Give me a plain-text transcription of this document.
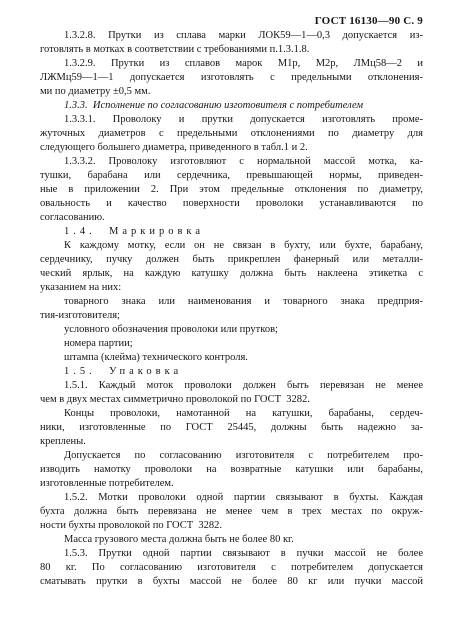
ГОСТ 16130—90 С. 9
1.3.2.8. Прутки из сплава марки ЛОК59—1—0,3 допускается из-
готовлять в мотках в соответствии с требованиями п.1.3.1.8.
1.3.2.9. Прутки из сплавов марок М1р, М2р, ЛМц58—2 и
ЛЖМц59—1—1 допускается изготовлять с предельными отклонения-
ми по диаметру ±0,5 мм.
1.3.3.  Исполнение по согласованию изготовителя с потребителем
1.3.3.1. Проволоку и прутки допускается изготовлять проме-
жуточных диаметров с предельными отклонениями по диаметру для
следующего большего диаметра, приведенного в табл.1 и 2.
1.3.3.2. Проволоку изготовляют с нормальной массой мотка, ка-
тушки, барабана или сердечника, превышающей нормы, приведен-
ные в приложении 2. При этом предельные отклонения по диаметру,
овальность и качество поверхности проволоки устанавливаются по
согласованию.
1.4.  Маркировка
К каждому мотку, если он не связан в бухту, или бухте, барабану,
сердечнику, пучку должен быть прикреплен фанерный или металли-
ческий ярлык, на каждую катушку должна быть наклеена этикетка с
указанием на них:
товарного знака или наименования и товарного знака предприя-
тия-изготовителя;
условного обозначения проволоки или прутков;
номера партии;
штампа (клейма) технического контроля.
1.5.  Упаковка
1.5.1. Каждый моток проволоки должен быть перевязан не менее
чем в двух местах симметрично проволокой по ГОСТ  3282.
Концы проволоки, намотанной на катушки, барабаны, сердеч-
ники, изготовленные по ГОСТ 25445, должны быть надежно за-
креплены.
Допускается по согласованию изготовителя с потребителем про-
изводить намотку проволоки на возвратные катушки или барабаны,
изготовленные потребителем.
1.5.2. Мотки проволоки одной партии связывают в бухты. Каждая
бухта должна быть перевязана не менее чем в трех местах по окруж-
ности бухты проволокой по ГОСТ  3282.
Масса грузового места должна быть не более 80 кг.
1.5.3. Прутки одной партии связывают в пучки массой не более
80 кг. По согласованию изготовителя с потребителем допускается
сматывать прутки в бухты массой не более 80 кг или пучки массой
